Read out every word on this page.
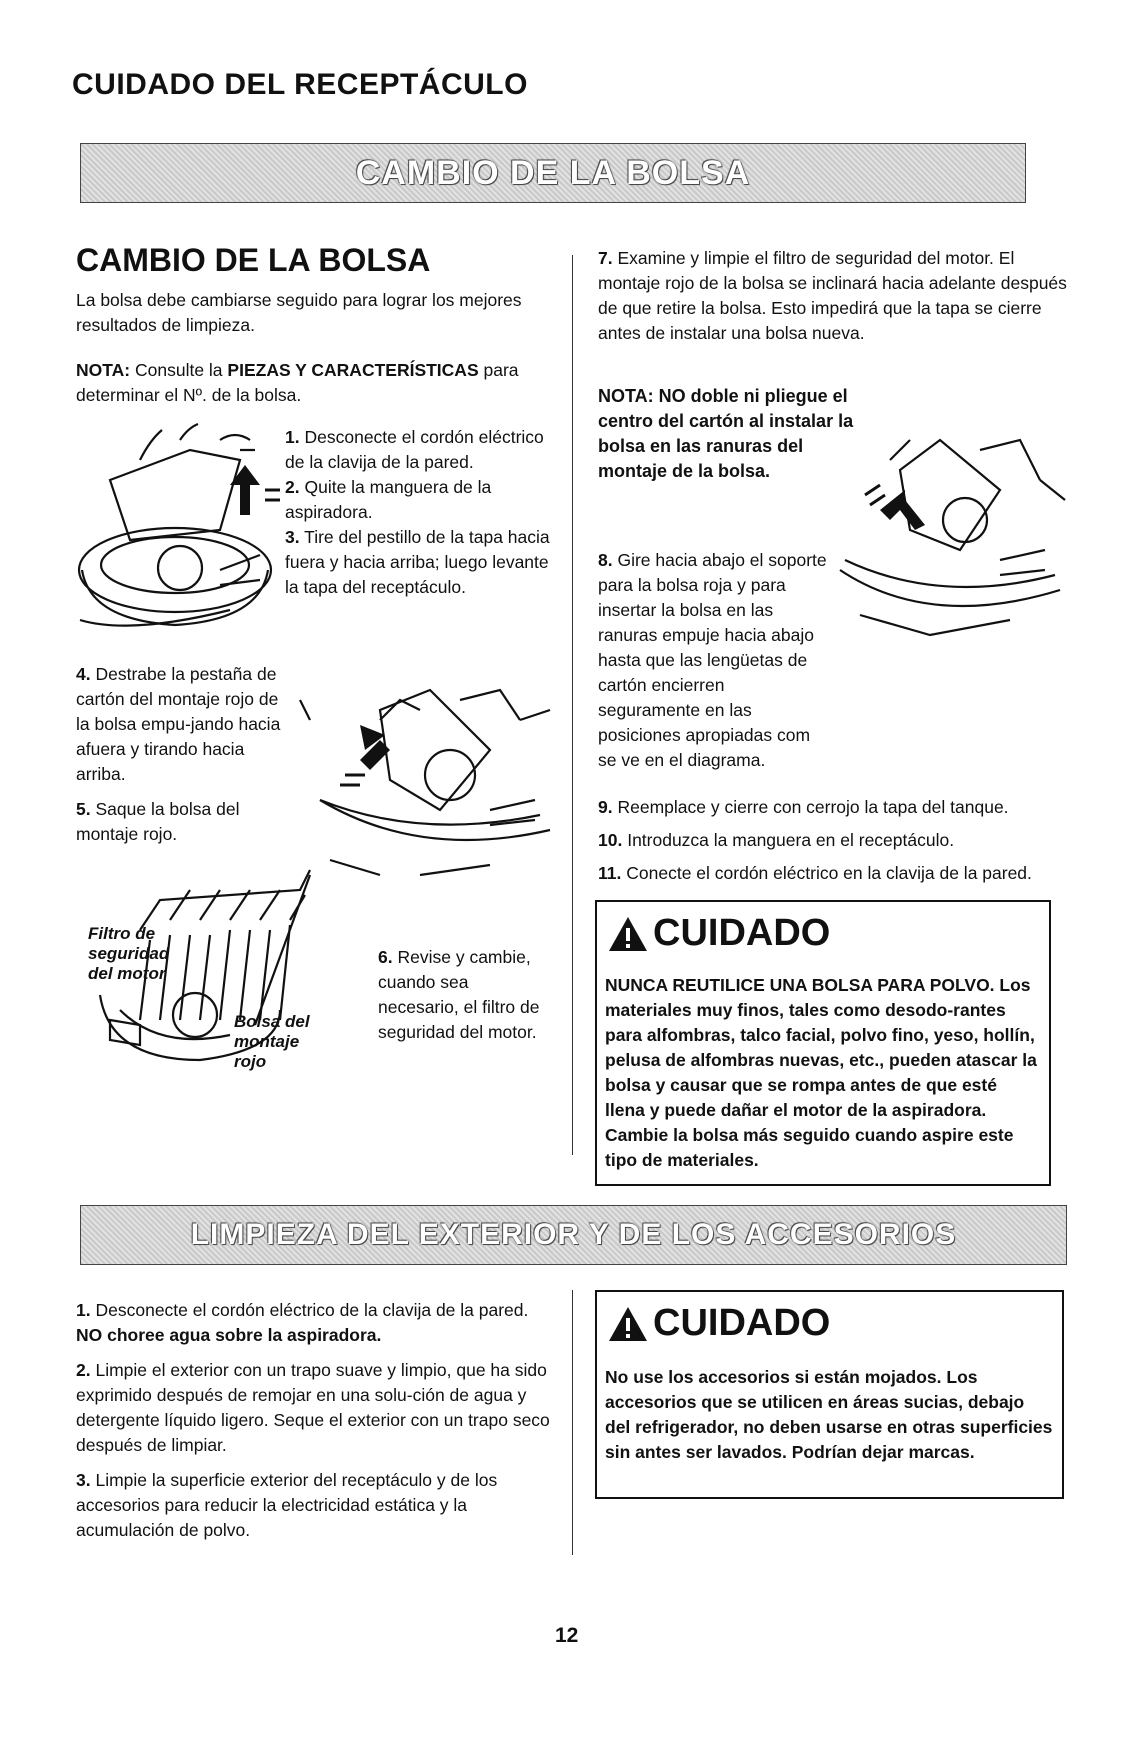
CUIDADO DEL RECEPTÁCULO
CAMBIO DE LA BOLSA
CAMBIO DE LA BOLSA

La bolsa debe cambiarse seguido para lograr los mejores resultados de limpieza.

NOTA: Consulte la PIEZAS Y CARACTERÍSTICAS para determinar el Nº. de la bolsa.

1. Desconecte el cordón eléctrico de la clavija de la pared.

2. Quite la manguera de la aspiradora.

3. Tire del pestillo de la tapa hacia fuera y hacia arriba; luego levante la tapa del receptáculo.

4. Destrabe la pestaña de cartón del montaje rojo de la bolsa empu-jando hacia afuera y tirando hacia arriba.

5. Saque la bolsa del montaje rojo.

Filtro de
seguridad
del motor
Bolsa del
montaje
rojo

6. Revise y cambie, cuando sea necesario, el filtro de seguridad del motor.

7. Examine y limpie el filtro de seguridad del motor. El montaje rojo de la bolsa se inclinará hacia adelante después de que retire la bolsa. Esto impedirá que la tapa se cierre antes de instalar una bolsa nueva.

NOTA: NO doble ni pliegue el centro del cartón al instalar la bolsa en las ranuras del montaje de la bolsa.

8. Gire hacia abajo el soporte para la bolsa roja y para insertar la bolsa en las ranuras empuje hacia abajo hasta que las lengüetas de cartón encierren seguramente en las posiciones apropiadas com se ve en el diagrama.

9. Reemplace y cierre con cerrojo la tapa del tanque.

10. Introduzca la manguera en el receptáculo.

11. Conecte el cordón eléctrico en la clavija de la pared.

CUIDADO
NUNCA REUTILICE UNA BOLSA PARA POLVO. Los materiales muy finos, tales como desodo-rantes para alfombras, talco facial, polvo fino, yeso, hollín, pelusa de alfombras nuevas, etc., pueden atascar la bolsa y causar que se rompa antes de que esté llena y puede dañar el motor de la aspiradora. Cambie la bolsa más seguido cuando aspire este tipo de materiales.
LIMPIEZA DEL EXTERIOR Y DE LOS ACCESORIOS

1. Desconecte el cordón eléctrico de la clavija de la pared. NO choree agua sobre la aspiradora.

2. Limpie el exterior con un trapo suave y limpio, que ha sido exprimido después de remojar en una solu-ción de agua y detergente líquido ligero. Seque el exterior con un trapo seco después de limpiar.

3. Limpie la superficie exterior del receptáculo y de los accesorios para reducir la electricidad estática y la acumulación de polvo.

CUIDADO
No use los accesorios si están mojados. Los accesorios que se utilicen en áreas sucias, debajo del refrigerador, no deben usarse en otras superficies sin antes ser lavados. Podrían dejar marcas.
12
